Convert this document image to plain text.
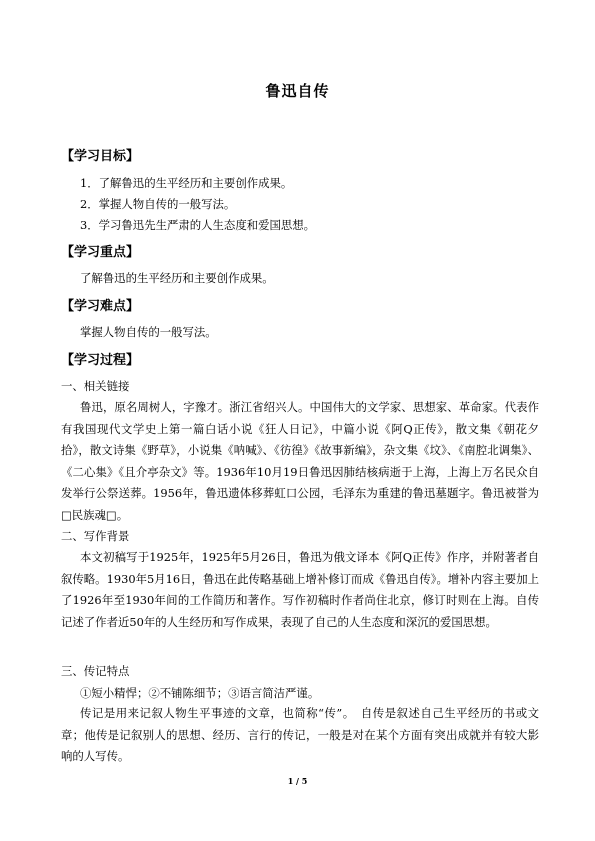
鲁迅自传
【学习目标】
1．了解鲁迅的生平经历和主要创作成果。
2．掌握人物自传的一般写法。
3．学习鲁迅先生严肃的人生态度和爱国思想。
【学习重点】
了解鲁迅的生平经历和主要创作成果。
【学习难点】
掌握人物自传的一般写法。
【学习过程】
一、相关链接
鲁迅，原名周树人，字豫才。浙江省绍兴人。中国伟大的文学家、思想家、革命家。代表作有我国现代文学史上第一篇白话小说《狂人日记》，中篇小说《阿Q正传》，散文集《朝花夕拾》，散文诗集《野草》，小说集《呐喊》、《彷徨》《故事新编》，杂文集《坟》、《南腔北调集》、《二心集》《且介亭杂文》等。1936年10月19日鲁迅因肺结核病逝于上海，上海上万名民众自发举行公祭送葬。1956年，鲁迅遗体移葬虹口公园，毛泽东为重建的鲁迅墓题字。鲁迅被誉为□民族魂□。
二、写作背景
本文初稿写于1925年，1925年5月26日，鲁迅为俄文译本《阿Q正传》作序，并附著者自叙传略。1930年5月16日，鲁迅在此传略基础上增补修订而成《鲁迅自传》。增补内容主要加上了1926年至1930年间的工作简历和著作。写作初稿时作者尚住北京，修订时则在上海。自传记述了作者近50年的人生经历和写作成果，表现了自己的人生态度和深沉的爱国思想。
三、传记特点
①短小精悍；②不铺陈细节；③语言简洁严谨。
传记是用来记叙人物生平事迹的文章，也简称“传”。　自传是叙述自己生平经历的书或文章；他传是记叙别人的思想、经历、言行的传记，一般是对在某个方面有突出成就并有较大影响的人写传。
1 / 5
